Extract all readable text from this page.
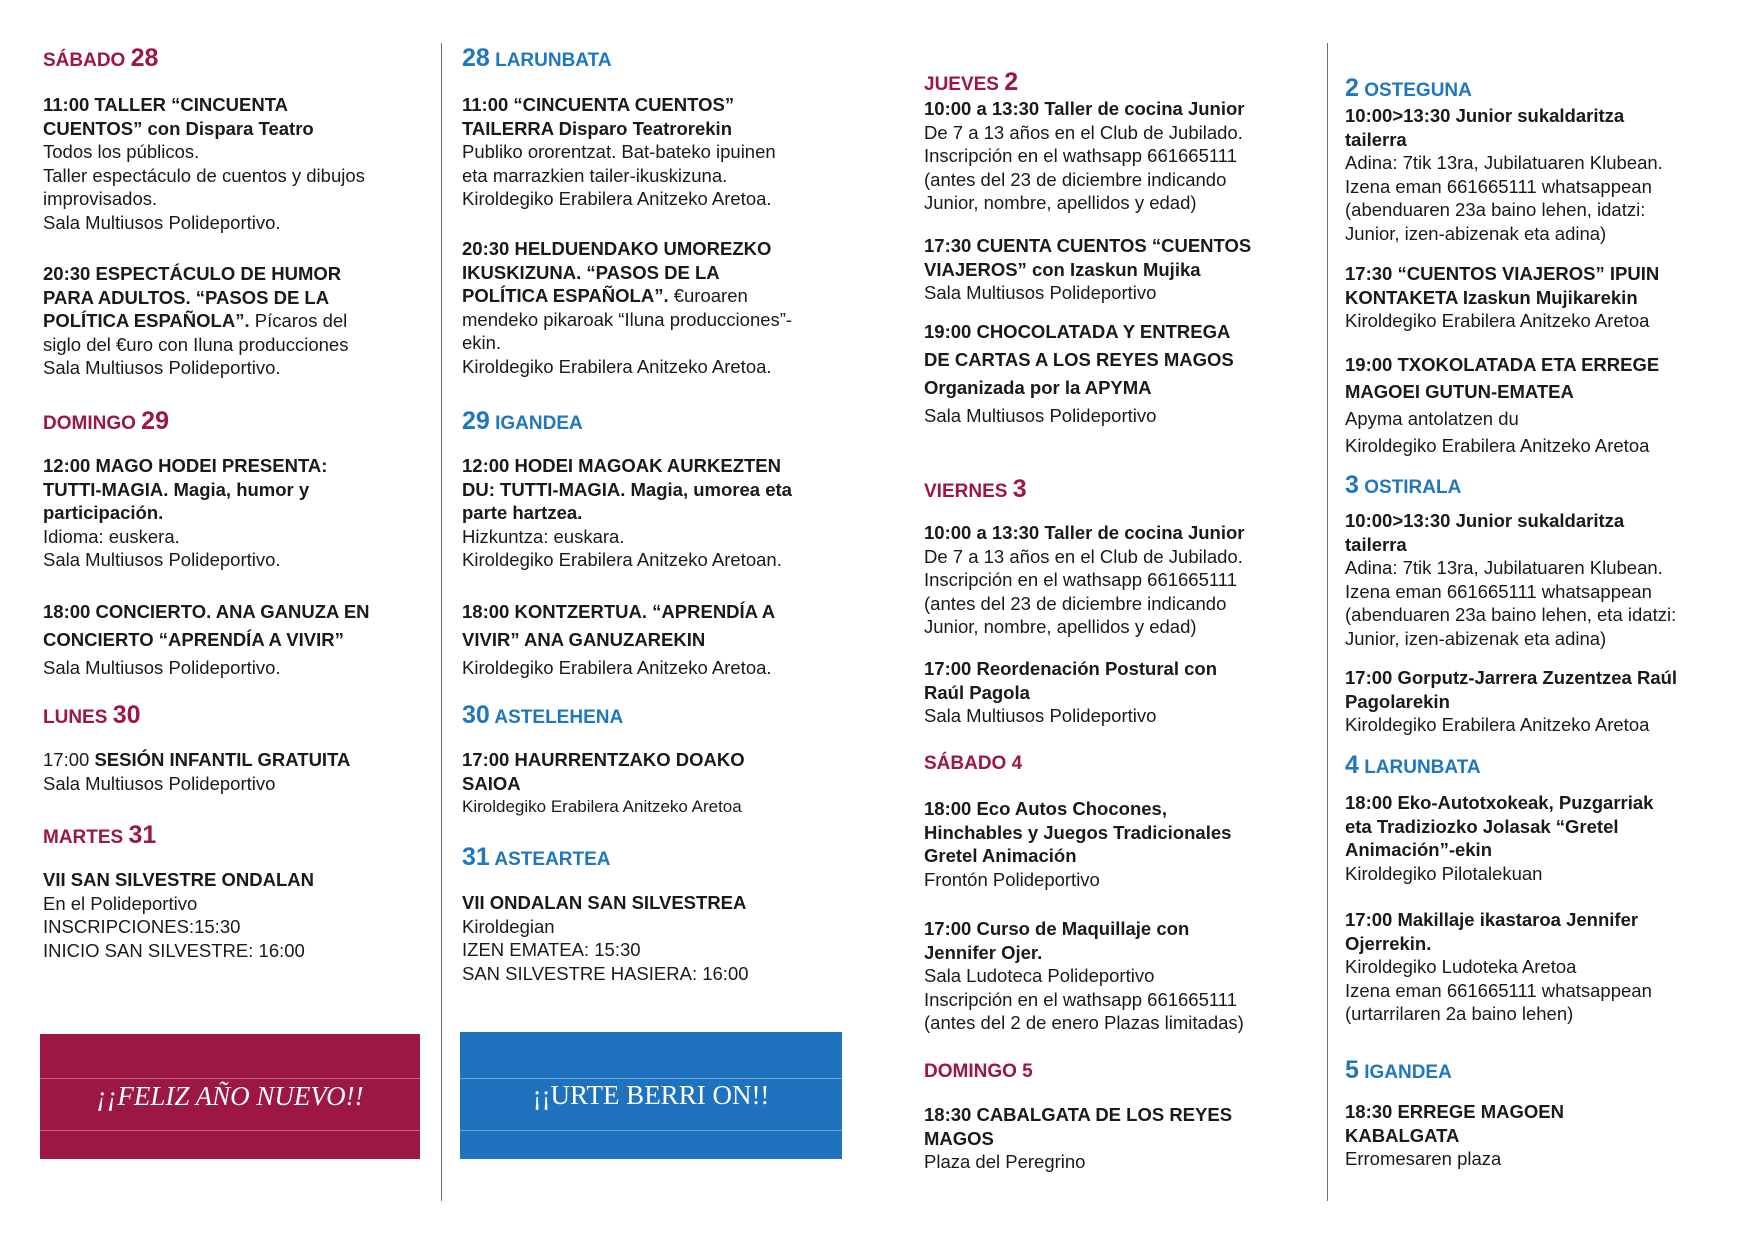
SÁBADO 28
11:00 TALLER “CINCUENTA
CUENTOS” con Dispara Teatro
Todos los públicos.
Taller espectáculo de cuentos y dibujos
improvisados.
Sala Multiusos Polideportivo.
20:30 ESPECTÁCULO DE HUMOR
PARA ADULTOS. “PASOS DE LA
POLÍTICA ESPAÑOLA”. Pícaros del
siglo del €uro con Iluna producciones
Sala Multiusos Polideportivo.
DOMINGO 29
12:00 MAGO HODEI PRESENTA:
TUTTI-MAGIA. Magia, humor y
participación.
Idioma: euskera.
Sala Multiusos Polideportivo.
18:00 CONCIERTO. ANA GANUZA EN
CONCIERTO “APRENDÍA A VIVIR”
Sala Multiusos Polideportivo.
LUNES 30
17:00 SESIÓN INFANTIL GRATUITA
Sala Multiusos Polideportivo
MARTES 31
VII SAN SILVESTRE ONDALAN
En el Polideportivo
INSCRIPCIONES:15:30
INICIO SAN SILVESTRE: 16:00
¡¡FELIZ AÑO NUEVO!!
28 LARUNBATA
11:00 “CINCUENTA CUENTOS”
TAILERRA Disparo Teatrorekin
Publiko ororentzat. Bat-bateko ipuinen
eta marrazkien tailer-ikuskizuna.
Kiroldegiko Erabilera Anitzeko Aretoa.
20:30 HELDUENDAKO UMOREZKO
IKUSKIZUNA. “PASOS DE LA
POLÍTICA ESPAÑOLA”. €uroaren
mendeko pikaroak “Iluna producciones”-
ekin.
Kiroldegiko Erabilera Anitzeko Aretoa.
29 IGANDEA
12:00 HODEI MAGOAK AURKEZTEN
DU: TUTTI-MAGIA. Magia, umorea eta
parte hartzea.
Hizkuntza: euskara.
Kiroldegiko Erabilera Anitzeko Aretoan.
18:00 KONTZERTUA. “APRENDÍA A
VIVIR” ANA GANUZAREKIN
Kiroldegiko Erabilera Anitzeko Aretoa.
30 ASTELEHENA
17:00 HAURRENTZAKO DOAKO
SAIOA
Kiroldegiko Erabilera Anitzeko Aretoa
31 ASTEARTEA
VII ONDALAN SAN SILVESTREA
Kiroldegian
IZEN EMATEA: 15:30
SAN SILVESTRE HASIERA: 16:00
¡¡URTE BERRI ON!!
JUEVES 2
10:00 a 13:30 Taller de cocina Junior
De 7 a 13 años en el Club de Jubilado.
Inscripción en el wathsapp 661665111
(antes del 23 de diciembre indicando
Junior, nombre, apellidos y edad)
17:30 CUENTA CUENTOS “CUENTOS
VIAJEROS” con Izaskun Mujika
Sala Multiusos Polideportivo
19:00 CHOCOLATADA Y ENTREGA
DE CARTAS A LOS REYES MAGOS
Organizada por la APYMA
Sala Multiusos Polideportivo
VIERNES 3
10:00 a 13:30 Taller de cocina Junior
De 7 a 13 años en el Club de Jubilado.
Inscripción en el wathsapp 661665111
(antes del 23 de diciembre indicando
Junior, nombre, apellidos y edad)
17:00 Reordenación Postural con
Raúl Pagola
Sala Multiusos Polideportivo
SÁBADO 4
18:00 Eco Autos Chocones,
Hinchables y Juegos Tradicionales
Gretel Animación
Frontón Polideportivo
17:00 Curso de Maquillaje con
Jennifer Ojer.
Sala Ludoteca Polideportivo
Inscripción en el wathsapp 661665111
(antes del 2 de enero Plazas limitadas)
DOMINGO 5
18:30 CABALGATA DE LOS REYES
MAGOS
Plaza del Peregrino
2 OSTEGUNA
10:00>13:30 Junior sukaldaritza
tailerra
Adina: 7tik 13ra, Jubilatuaren Klubean.
Izena eman 661665111 whatsappean
(abenduaren 23a baino lehen, idatzi:
Junior, izen-abizenak eta adina)
17:30 “CUENTOS VIAJEROS” IPUIN
KONTAKETA Izaskun Mujikarekin
Kiroldegiko Erabilera Anitzeko Aretoa
19:00 TXOKOLATADA ETA ERREGE
MAGOEI GUTUN-EMATEA
Apyma antolatzen du
Kiroldegiko Erabilera Anitzeko Aretoa
3 OSTIRALA
10:00>13:30 Junior sukaldaritza
tailerra
Adina: 7tik 13ra, Jubilatuaren Klubean.
Izena eman 661665111 whatsappean
(abenduaren 23a baino lehen, eta idatzi:
Junior, izen-abizenak eta adina)
17:00 Gorputz-Jarrera Zuzentzea Raúl
Pagolarekin
Kiroldegiko Erabilera Anitzeko Aretoa
4 LARUNBATA
18:00 Eko-Autotxokeak, Puzgarriak
eta Tradiziozko Jolasak “Gretel
Animación”-ekin
Kiroldegiko Pilotalekuan
17:00 Makillaje ikastaroa Jennifer
Ojerrekin.
Kiroldegiko Ludoteka Aretoa
Izena eman 661665111 whatsappean
(urtarrilaren 2a baino lehen)
5 IGANDEA
18:30 ERREGE MAGOEN
KABALGATA
Erromesaren plaza
